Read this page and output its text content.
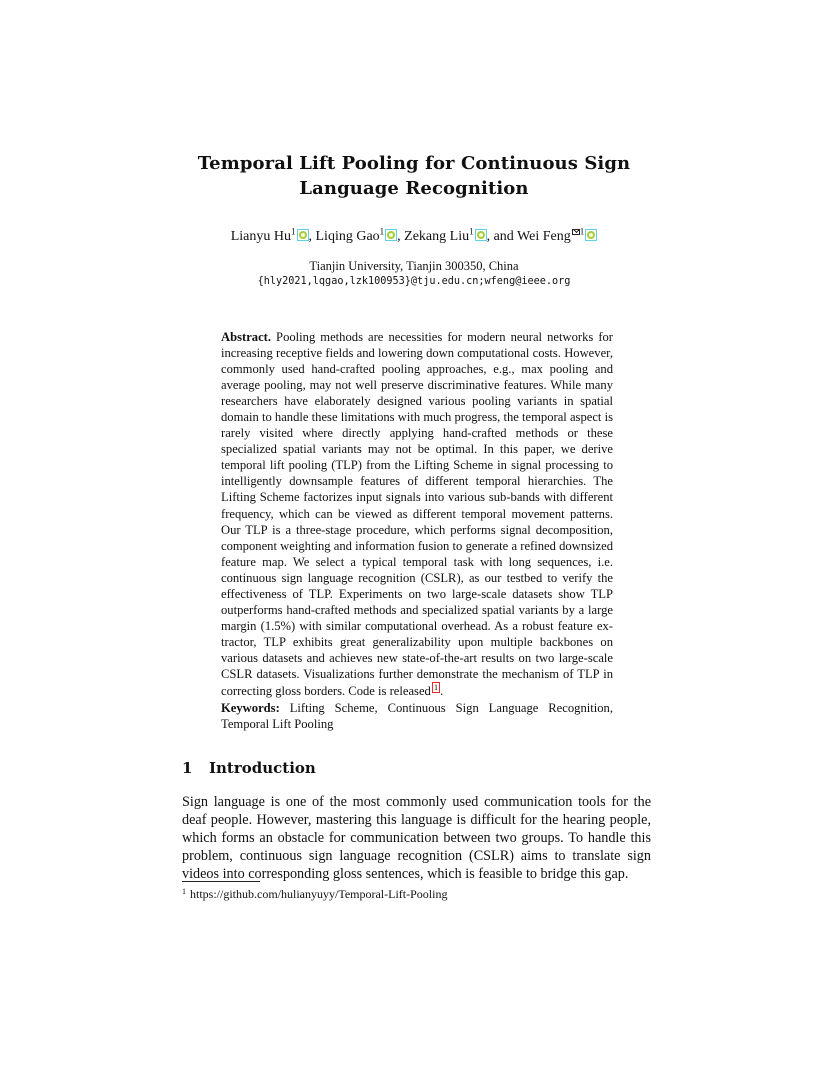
Temporal Lift Pooling for Continuous Sign
Language Recognition
Lianyu Hu$^1$ , Liqing Gao$^1$ , Zekang Liu$^1$ , and Wei Feng $^1$
Tianjin University, Tianjin 300350, China
{hly2021,lqgao,lzk100953}@tju.edu.cn;wfeng@ieee.org
Abstract. Pooling methods are necessities for modern neural networks for increasing receptive fields and lowering down computational costs. However, commonly used hand-crafted pooling approaches, e.g., max pooling and average pooling, may not well preserve discriminative features. While many researchers have elaborately designed various pooling variants in spatial domain to handle these limitations with much progress, the temporal aspect is rarely visited where directly applying hand-crafted methods or these specialized spatial variants may not be optimal. In this paper, we derive temporal lift pooling (TLP) from the Lifting Scheme in signal processing to intelligently downsample features of different temporal hierarchies. The Lifting Scheme factorizes input signals into various sub-bands with different frequency, which can be viewed as different temporal movement patterns. Our TLP is a three-stage procedure, which performs signal decomposition, component weighting and information fusion to generate a refined downsized feature map. We select a typical temporal task with long sequences, i.e. continuous sign language recognition (CSLR), as our testbed to verify the effectiveness of TLP. Experiments on two large-scale datasets show TLP outperforms hand-crafted methods and specialized spatial variants by a large margin (1.5%) with similar computational overhead. As a robust feature extractor, TLP exhibits great generalizability upon multiple backbones on various datasets and achieves new state-of-the-art results on two large-scale CSLR datasets. Visualizations further demonstrate the mechanism of TLP in correcting gloss borders. Code is released 1 .
Keywords: Lifting Scheme, Continuous Sign Language Recognition, Temporal Lift Pooling
1 Introduction
Sign language is one of the most commonly used communication tools for the deaf people. However, mastering this language is difficult for the hearing people, which forms an obstacle for communication between two groups. To handle this problem, continuous sign language recognition (CSLR) aims to translate sign videos into corresponding gloss sentences, which is feasible to bridge this gap.
$^1$ https://github.com/hulianyuyy/Temporal-Lift-Pooling
